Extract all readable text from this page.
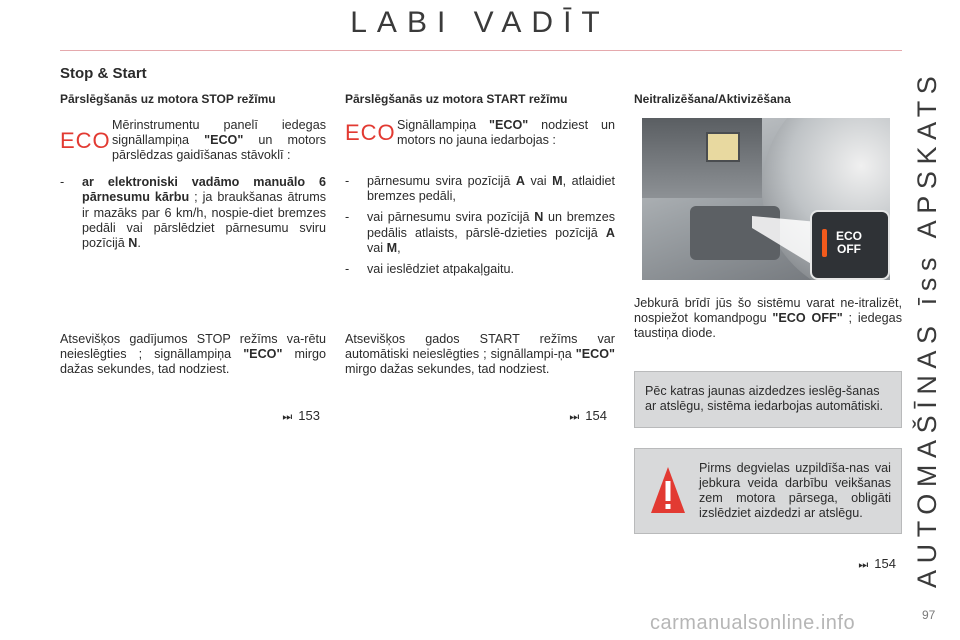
LABI VADĪT
AUTOMAŠĪNAS īss APSKATS
Stop & Start
Pārslēgšanās uz motora STOP režīmu
ECO
Mērinstrumentu panelī iedegas signāllampiņa "ECO" un motors pārslēdzas gaidīšanas stāvoklī :
- ar elektroniski vadāmo manuālo 6 pārnesumu kārbu ; ja braukšanas ātrums ir mazāks par 6 km/h, nospie-diet bremzes pedāli vai pārslēdziet pārnesumu sviru pozīcijā N.
Atsevišķos gadījumos STOP režīms va-rētu neieslēgties ; signāllampiņa "ECO" mirgo dažas sekundes, tad nodziest.
⏭ 153
Pārslēgšanās uz motora START režīmu
ECO Signāllampiņa "ECO" nodziest un motors no jauna iedarbojas :
- pārnesumu svira pozīcijā A vai M, atlaidiet bremzes pedāli,
- vai pārnesumu svira pozīcijā N un bremzes pedālis atlaists, pārslē-dzieties pozīcijā A vai M,
- vai ieslēdziet atpakaļgaitu.
Atsevišķos gados START režīms var automātiski neieslēgties ; signāllampi-ņa "ECO" mirgo dažas sekundes, tad nodziest.
⏭ 154
Neitralizēšana/Aktivizēšana
ECO
OFF
Jebkurā brīdī jūs šo sistēmu varat ne-itralizēt, nospiežot komandpogu "ECO OFF" ; iedegas taustiņa diode.
Pēc katras jaunas aizdedzes ieslēg-šanas ar atslēgu, sistēma iedarbojas automātiski.
Pirms degvielas uzpildīša-nas vai jebkura veida darbību veikšanas zem motora pārsega, obligāti izslēdziet aizdedzi ar atslēgu.
⏭ 154
carmanualsonline.info	97
